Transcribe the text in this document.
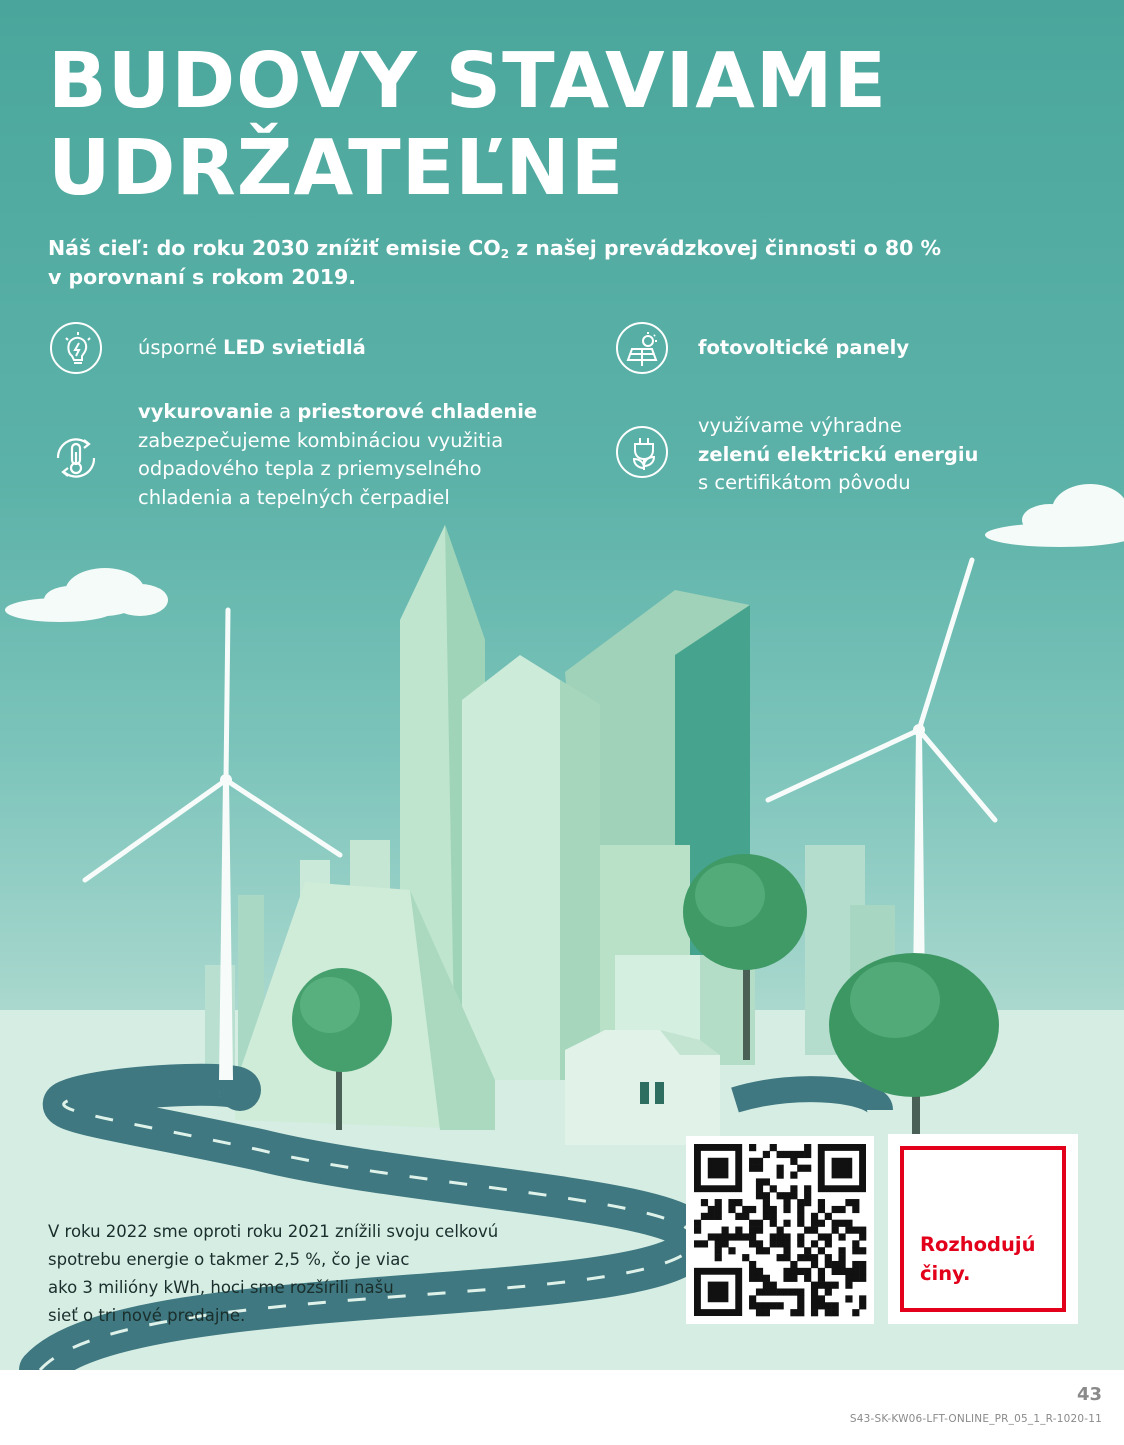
BUDOVY STAVIAME
UDRŽATEĽNE

Náš cieľ: do roku 2030 znížiť emisie $CO_2$ z našej prevádzkovej činnosti o 80 %
v porovnaní s rokom 2019.

úsporné LED svietidlá	fotovoltické panely

vykurovanie a priestorové chladenie
zabezpečujeme kombináciou využitia
odpadového tepla z priemyselného
chladenia a tepelných čerpadiel

využívame výhradne
zelenú elektrickú energiu
s certifikátom pôvodu

V roku 2022 sme oproti roku 2021 znížili svoju celkovú
spotrebu energie o takmer 2,5 %, čo je viac
ako 3 milióny kWh, hoci sme rozšírili našu
sieť o tri nové predajne.

Rozhodujú
činy.

43

S43-SK-KW06-LFT-ONLINE_PR_05_1_R-1020-11
